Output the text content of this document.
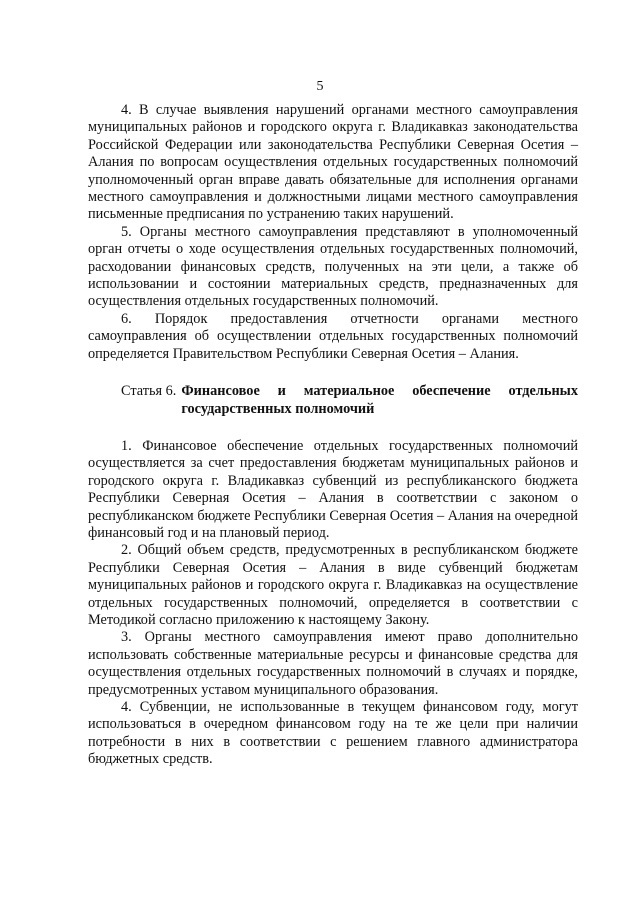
5

4. В случае выявления нарушений органами местного самоуправления муниципальных районов и городского округа г. Владикавказ законодательства Российской Федерации или законодательства Республики Северная Осетия – Алания по вопросам осуществления отдельных государственных полномочий уполномоченный орган вправе давать обязательные для исполнения органами местного самоуправления и должностными лицами местного самоуправления письменные предписания по устранению таких нарушений.

5. Органы местного самоуправления представляют в уполномоченный орган отчеты о ходе осуществления отдельных государственных полномочий, расходовании финансовых средств, полученных на эти цели, а также об использовании и состоянии материальных средств, предназначенных для осуществления отдельных государственных полномочий.

6. Порядок предоставления отчетности органами местного самоуправления об осуществлении отдельных государственных полномочий определяется Правительством Республики Северная Осетия – Алания.

Статья 6. Финансовое и материальное обеспечение отдельных государственных полномочий

1. Финансовое обеспечение отдельных государственных полномочий осуществляется за счет предоставления бюджетам муниципальных районов и городского округа г. Владикавказ субвенций из республиканского бюджета Республики Северная Осетия – Алания в соответствии с законом о республиканском бюджете Республики Северная Осетия – Алания на очередной финансовый год и на плановый период.

2. Общий объем средств, предусмотренных в республиканском бюджете Республики Северная Осетия – Алания в виде субвенций бюджетам муниципальных районов и городского округа г. Владикавказ на осуществление отдельных государственных полномочий, определяется в соответствии с Методикой согласно приложению к настоящему Закону.

3. Органы местного самоуправления имеют право дополнительно использовать собственные материальные ресурсы и финансовые средства для осуществления отдельных государственных полномочий в случаях и порядке, предусмотренных уставом муниципального образования.

4. Субвенции, не использованные в текущем финансовом году, могут использоваться в очередном финансовом году на те же цели при наличии потребности в них в соответствии с решением главного администратора бюджетных средств.
